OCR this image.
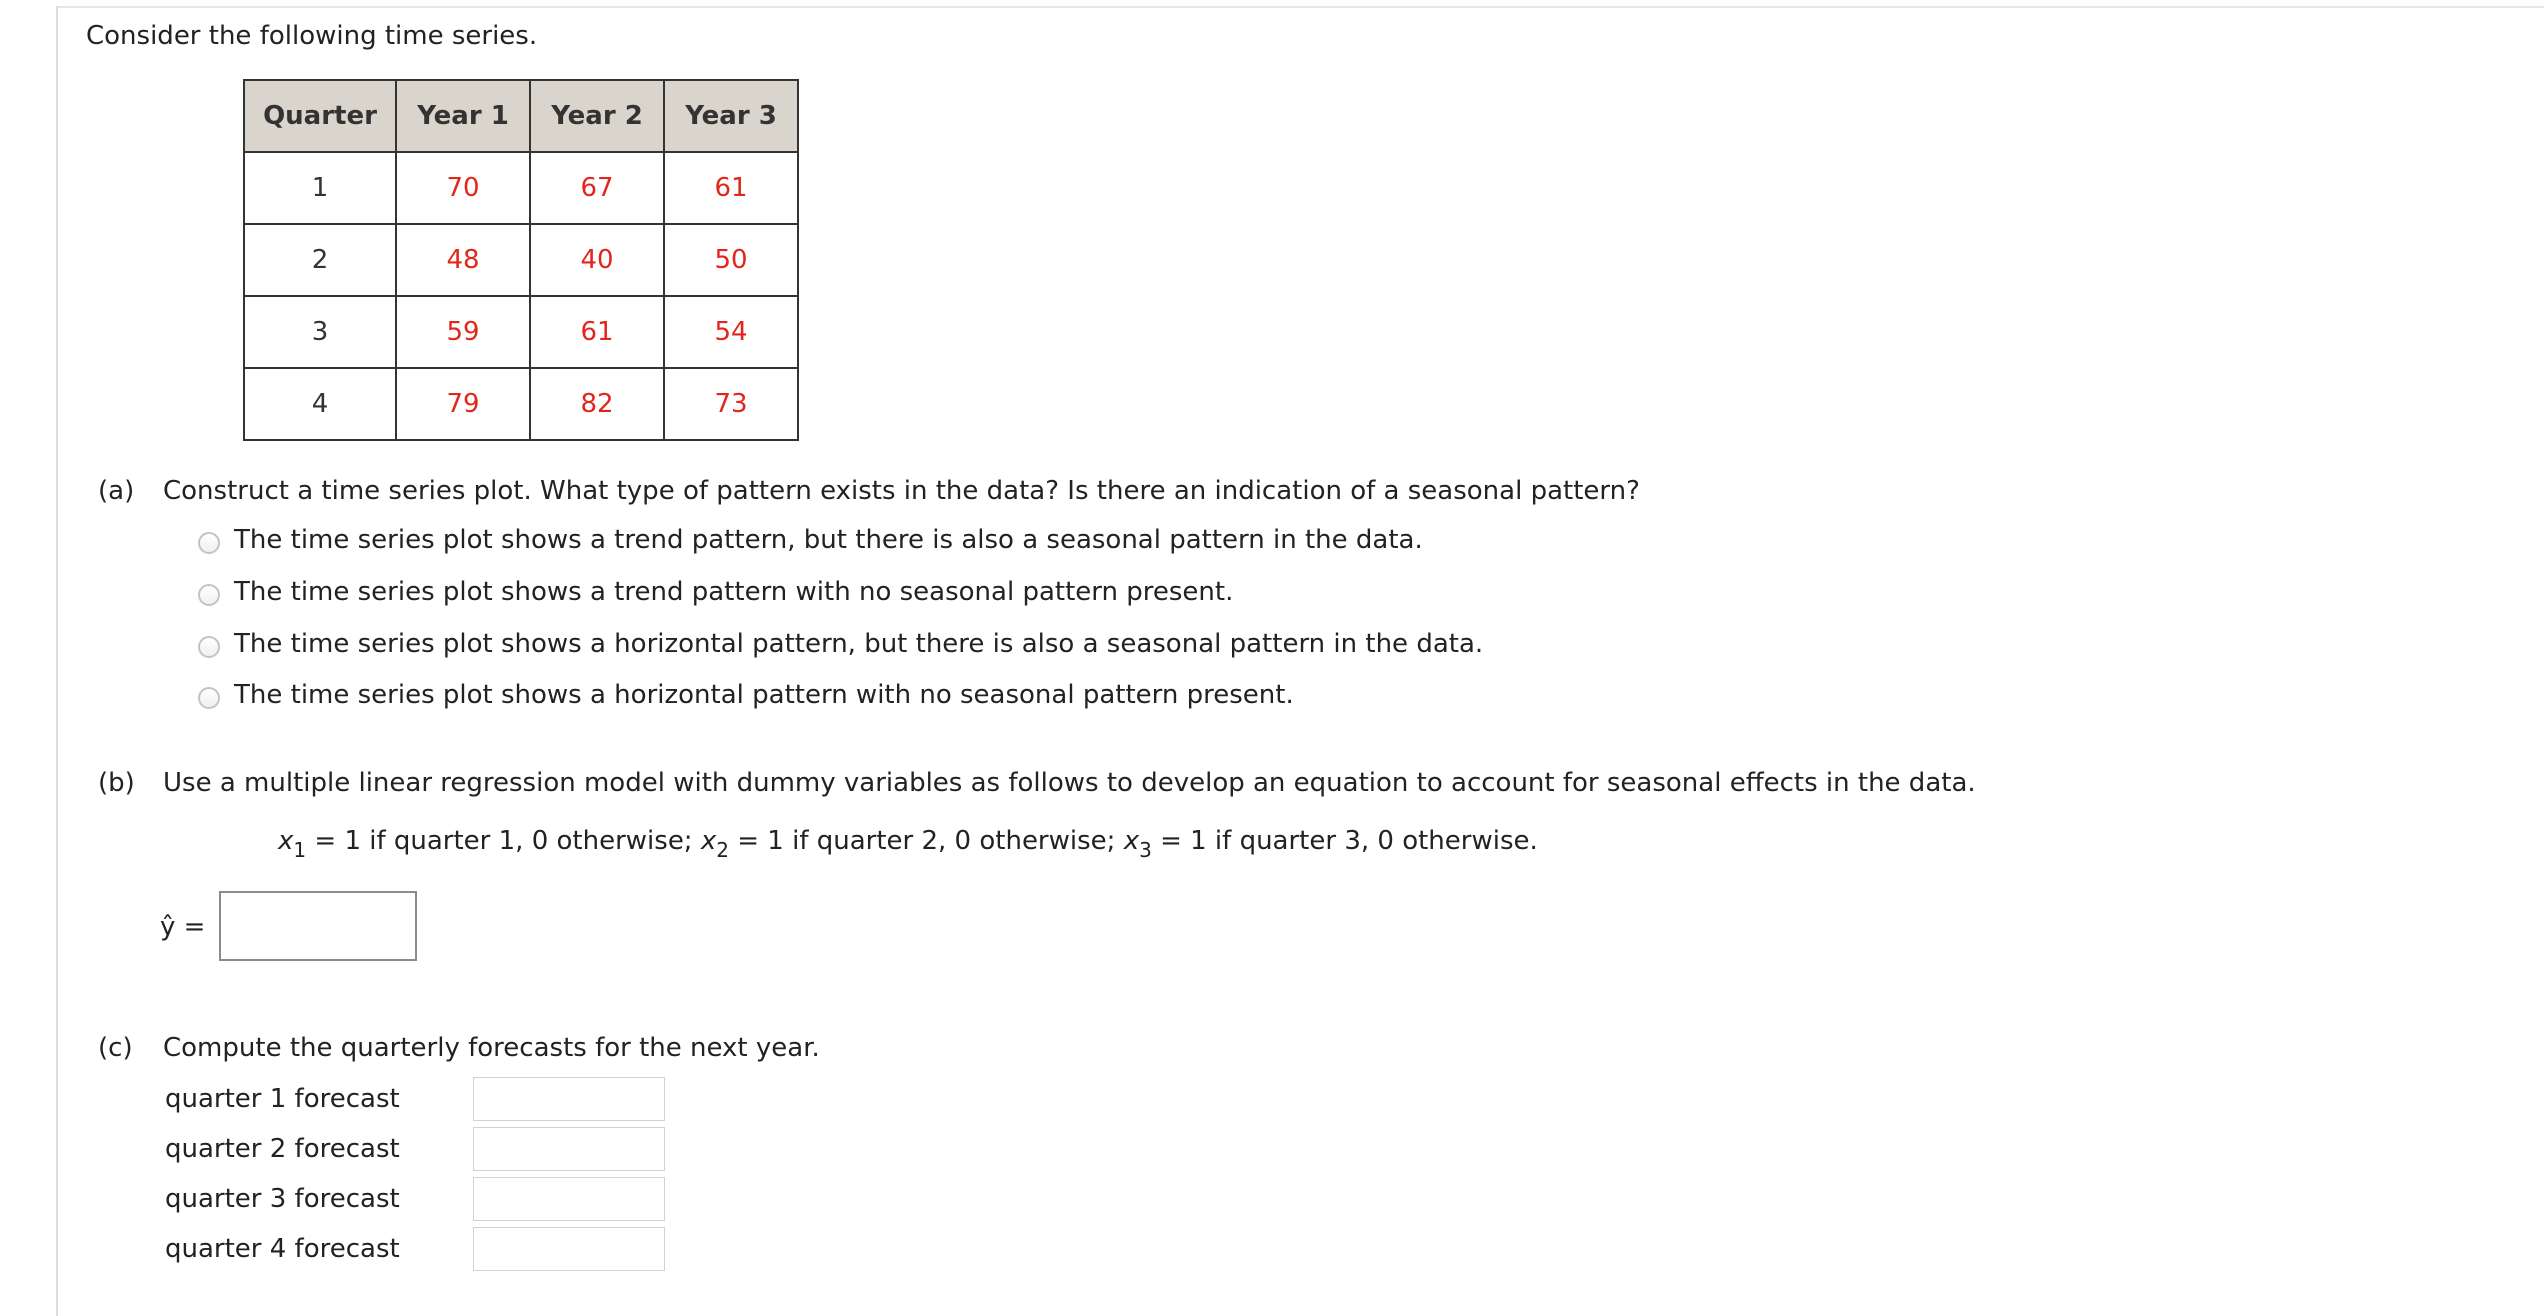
Consider the following time series.
Quarter	Year 1	Year 2	Year 3
1	70	67	61
2	48	40	50
3	59	61	54
4	79	82	73
(a) Construct a time series plot. What type of pattern exists in the data? Is there an indication of a seasonal pattern?
The time series plot shows a trend pattern, but there is also a seasonal pattern in the data.
The time series plot shows a trend pattern with no seasonal pattern present.
The time series plot shows a horizontal pattern, but there is also a seasonal pattern in the data.
The time series plot shows a horizontal pattern with no seasonal pattern present.
(b) Use a multiple linear regression model with dummy variables as follows to develop an equation to account for seasonal effects in the data.
$x_1 = 1$ if quarter 1, 0 otherwise; $x_2 = 1$ if quarter 2, 0 otherwise; $x_3 = 1$ if quarter 3, 0 otherwise.
ŷ =
(c) Compute the quarterly forecasts for the next year.
quarter 1 forecast
quarter 2 forecast
quarter 3 forecast
quarter 4 forecast
